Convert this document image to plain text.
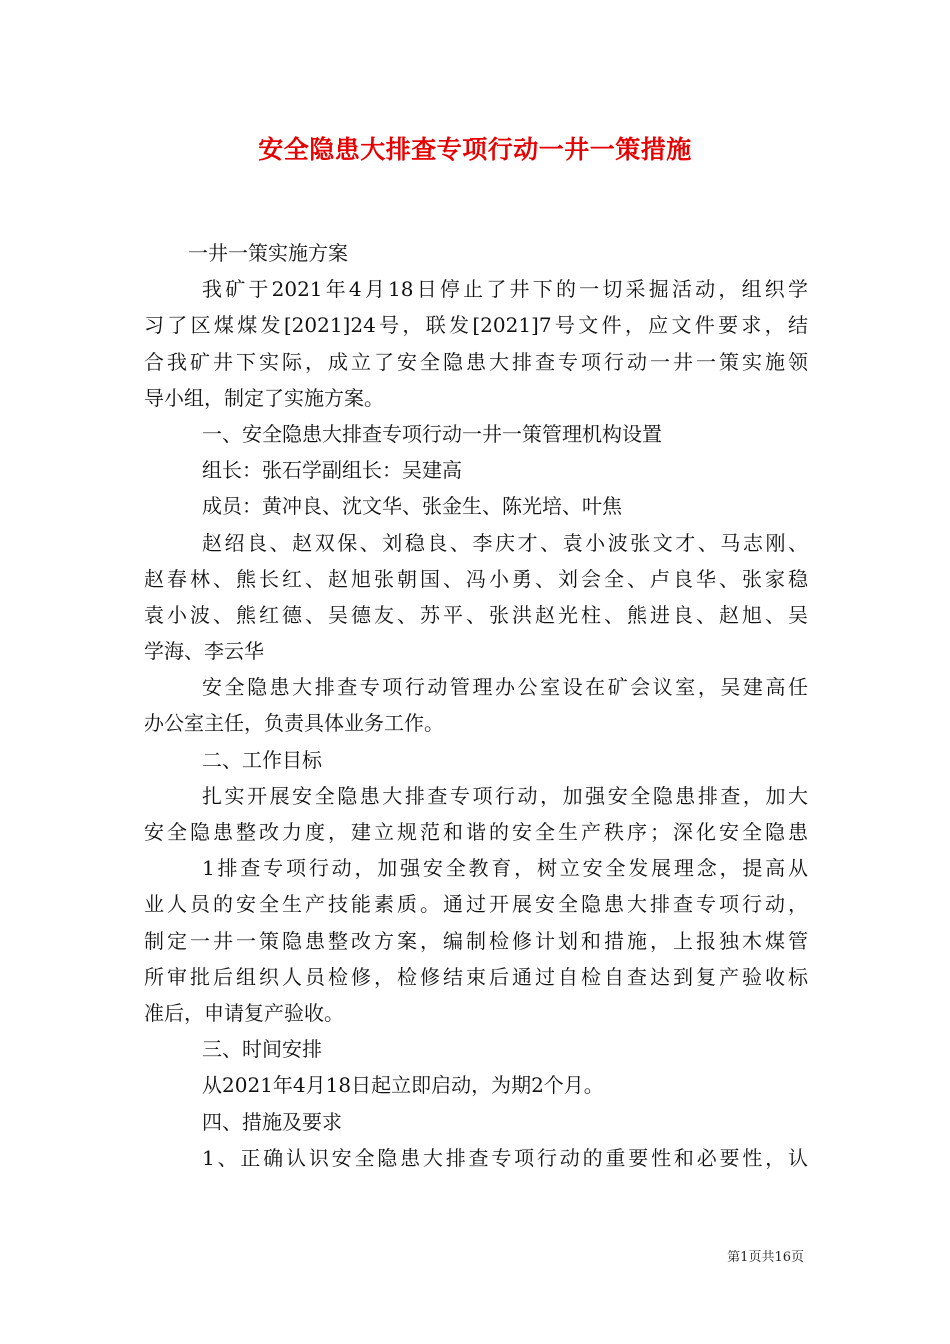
安全隐患大排查专项行动一井一策措施
一井一策实施方案
我矿于2021年4月18日停止了井下的一切采掘活动，组织学
习了区煤煤发[2021]24号，联发[2021]7号文件，应文件要求，结
合我矿井下实际，成立了安全隐患大排查专项行动一井一策实施领
导小组，制定了实施方案。
一、安全隐患大排查专项行动一井一策管理机构设置
组长：张石学副组长：吴建高
成员：黄冲良、沈文华、张金生、陈光培、叶焦
赵绍良、赵双保、刘稳良、李庆才、袁小波张文才、马志刚、
赵春林、熊长红、赵旭张朝国、冯小勇、刘会全、卢良华、张家稳
袁小波、熊红德、吴德友、苏平、张洪赵光柱、熊进良、赵旭、吴
学海、李云华
安全隐患大排查专项行动管理办公室设在矿会议室，吴建高任
办公室主任，负责具体业务工作。
二、工作目标
扎实开展安全隐患大排查专项行动，加强安全隐患排查，加大
安全隐患整改力度，建立规范和谐的安全生产秩序；深化安全隐患
1排查专项行动，加强安全教育，树立安全发展理念，提高从
业人员的安全生产技能素质。通过开展安全隐患大排查专项行动，
制定一井一策隐患整改方案，编制检修计划和措施，上报独木煤管
所审批后组织人员检修，检修结束后通过自检自查达到复产验收标
准后，申请复产验收。
三、时间安排
从2021年4月18日起立即启动，为期2个月。
四、措施及要求
1、正确认识安全隐患大排查专项行动的重要性和必要性，认
第1页共16页
